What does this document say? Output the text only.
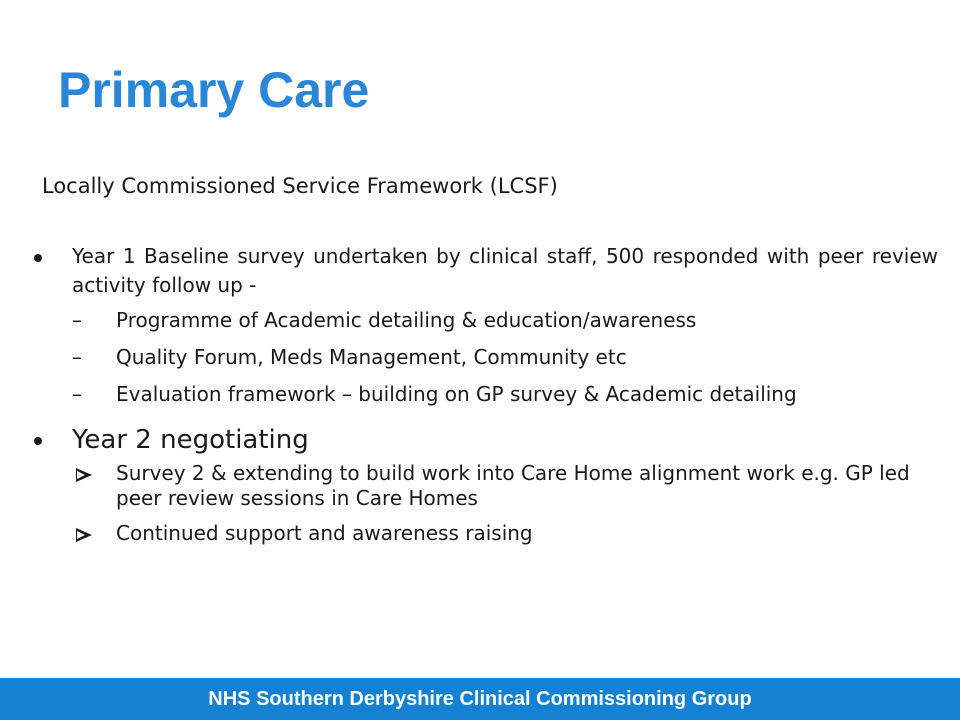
Primary Care
Locally Commissioned Service Framework (LCSF)
Year 1 Baseline survey undertaken by clinical staff, 500 responded with peer review activity follow up -
–	Programme of Academic detailing & education/awareness
–	Quality Forum, Meds Management, Community etc
–	Evaluation framework – building on GP survey & Academic detailing
Year 2 negotiating
Survey 2 & extending to build work into Care Home alignment work e.g. GP led peer review sessions in Care Homes
Continued support and awareness raising
NHS Southern Derbyshire Clinical Commissioning Group
